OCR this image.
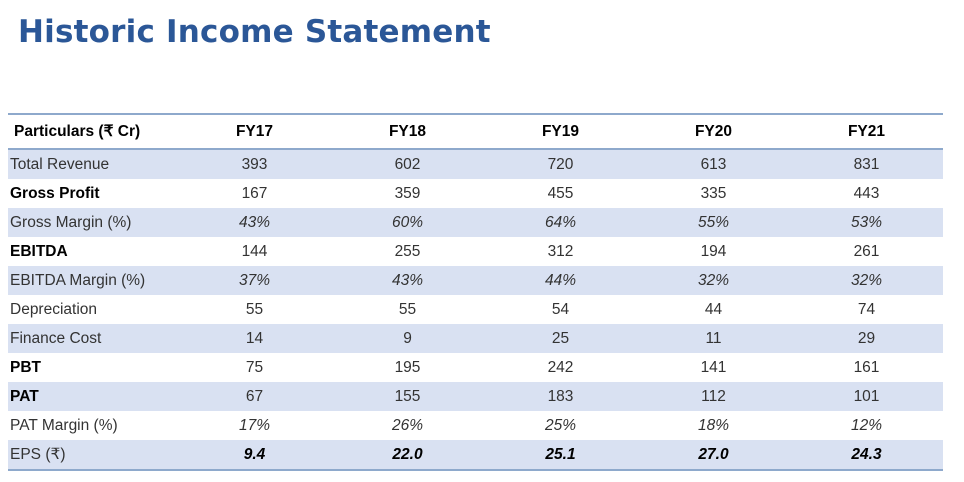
Historic Income Statement
Particulars (₹ Cr)	FY17	FY18	FY19	FY20	FY21
Total Revenue	393	602	720	613	831
Gross Profit	167	359	455	335	443
Gross Margin (%)	43%	60%	64%	55%	53%
EBITDA	144	255	312	194	261
EBITDA Margin (%)	37%	43%	44%	32%	32%
Depreciation	55	55	54	44	74
Finance Cost	14	9	25	11	29
PBT	75	195	242	141	161
PAT	67	155	183	112	101
PAT Margin (%)	17%	26%	25%	18%	12%
EPS (₹)	9.4	22.0	25.1	27.0	24.3
